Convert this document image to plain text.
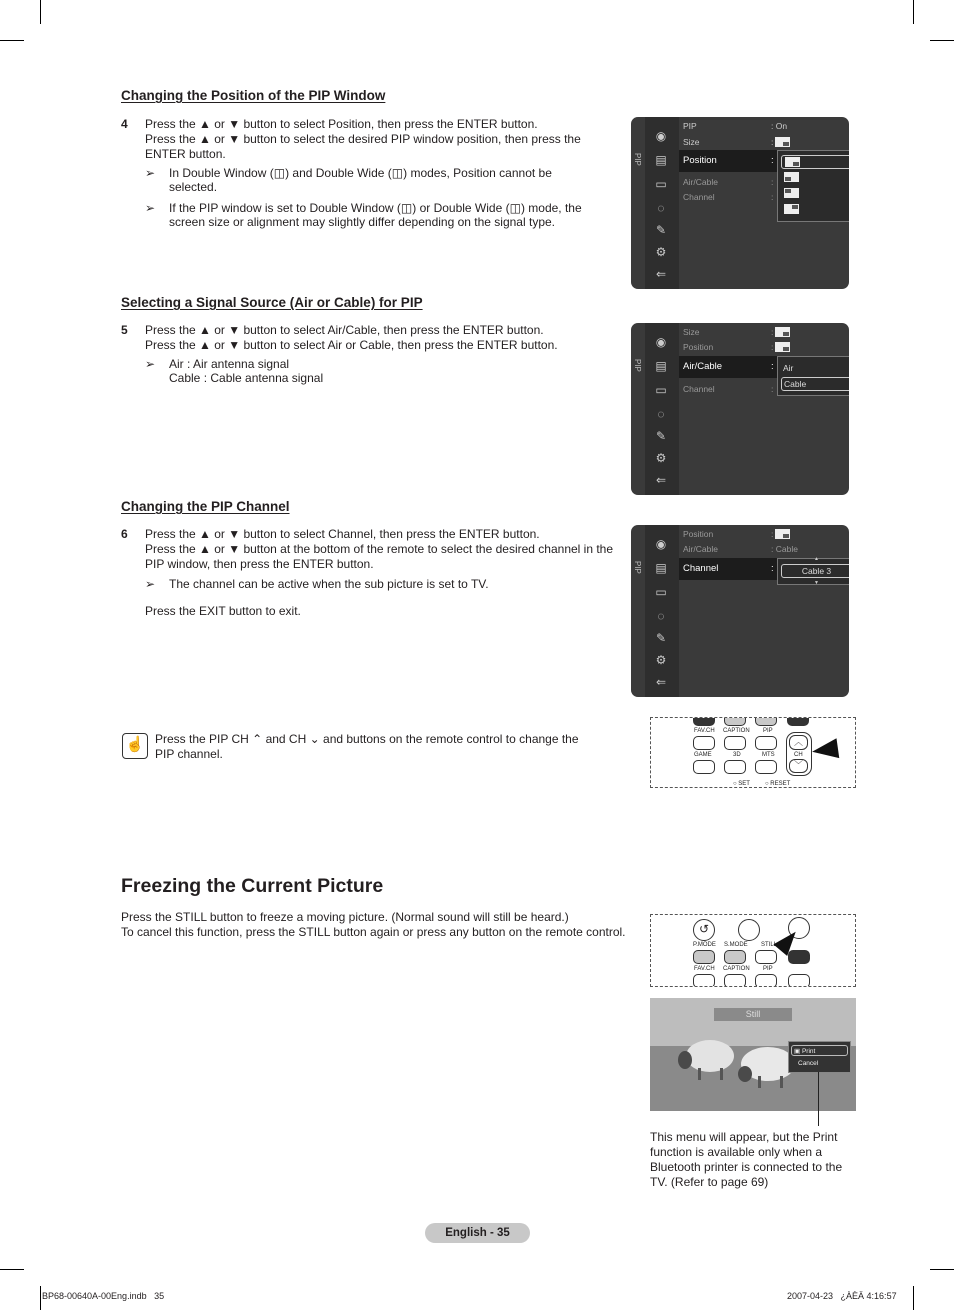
Changing the Position of the PIP Window
4 Press the ▲ or ▼ button to select Position, then press the ENTER button.
Press the ▲ or ▼ button to select the desired PIP window position, then press the
ENTER button.
➢ In Double Window (◫) and Double Wide (◫) modes, Position cannot be
selected.
➢ If the PIP window is set to Double Window (◫) or Double Wide (◫) mode, the
screen size or alignment may slightly differ depending on the signal type.
PIP
◉
▤
▭
◌
✎
⚙
⇐
PIP	: On
Size	:
Position	:
Air/Cable	:
Channel	:
Selecting a Signal Source (Air or Cable) for PIP
5 Press the ▲ or ▼ button to select Air/Cable, then press the ENTER button.
Press the ▲ or ▼ button to select Air or Cable, then press the ENTER button.
➢ Air : Air antenna signal
Cable : Cable antenna signal
PIP
◉
▤
▭
◌
✎
⚙
⇐
Size	:
Position	:
Air/Cable	:
Channel	:
Air
Cable
Changing the PIP Channel
6 Press the ▲ or ▼ button to select Channel, then press the ENTER button.
Press the ▲ or ▼ button at the bottom of the remote to select the desired channel in the
PIP window, then press the ENTER button.
➢ The channel can be active when the sub picture is set to TV.
Press the EXIT button to exit.
PIP
◉
▤
▭
◌
✎
⚙
⇐
Position	:
Air/Cable	: Cable
Channel	:
▲
Cable 3
▼
☝ Press the PIP CH ⌃ and CH ⌄ and buttons on the remote control to change the
PIP channel.
FAV.CH CAPTION PIP
︿
CH
﹀
GAME	3D	MTS
○ SET	○ RESET
Freezing the Current Picture
Press the STILL button to freeze a moving picture. (Normal sound will still be heard.)
To cancel this function, press the STILL button again or press any button on the remote control.	↺
P.MODE S.MODE STILL
FAV.CH CAPTION PIP
Still
▣ Print
Cancel
This menu will appear, but the Print
function is available only when a
Bluetooth printer is connected to the
TV. (Refer to page 69)
English - 35
BP68-00640A-00Eng.indb   35	2007-04-23   ¿ÀÈÄ 4:16:57
